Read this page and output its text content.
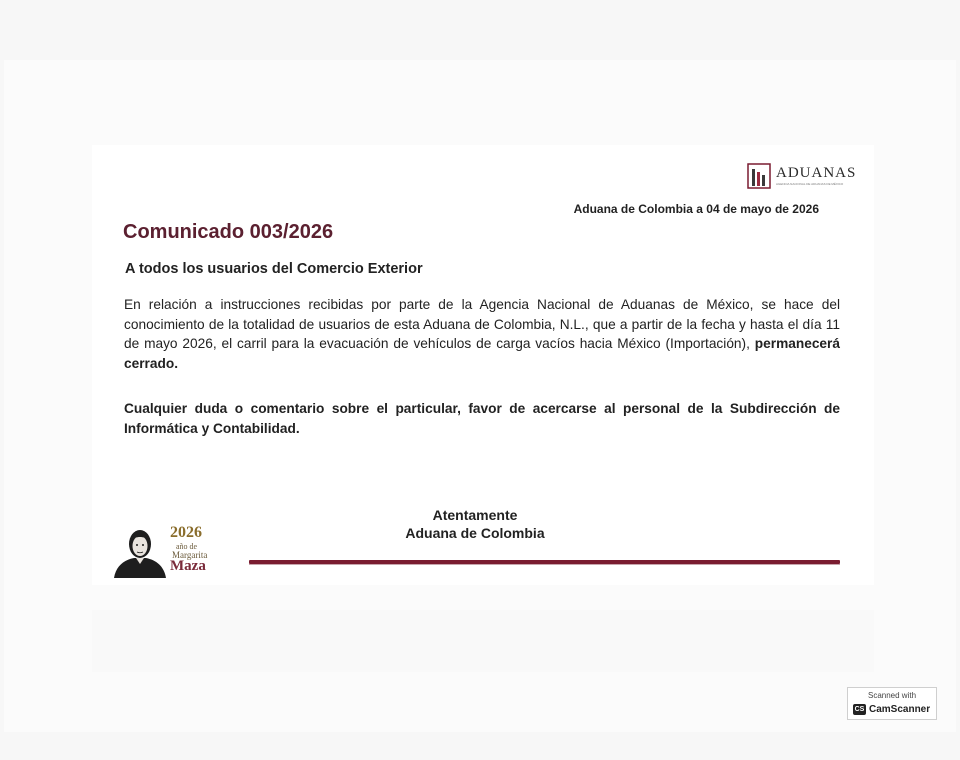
ADUANAS
AGENCIA NACIONAL DE ADUANAS DE MÉXICO
Aduana de Colombia a 04 de mayo de 2026
Comunicado 003/2026
A todos los usuarios del Comercio Exterior

En relación a instrucciones recibidas por parte de la Agencia Nacional de Aduanas de México, se hace del conocimiento de la totalidad de usuarios de esta Aduana de Colombia, N.L., que a partir de la fecha y hasta el día 11 de mayo 2026, el carril para la evacuación de vehículos de carga vacíos hacia México (Importación), permanecerá cerrado.

Cualquier duda o comentario sobre el particular, favor de acercarse al personal de la Subdirección de Informática y Contabilidad.

Atentamente
Aduana de Colombia
2026
año de
Margarita
Maza
Scanned with
CS CamScanner
